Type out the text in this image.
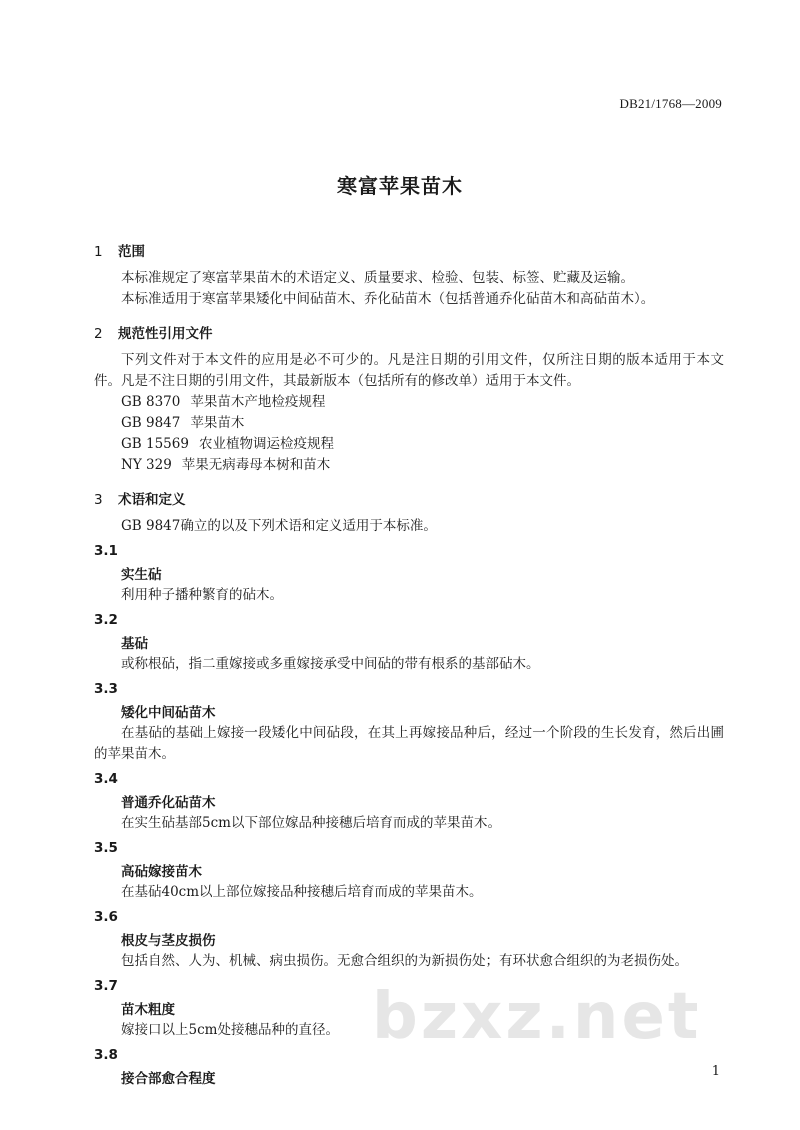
DB21/1768—2009
寒富苹果苗木
1 范围

本标准规定了寒富苹果苗木的术语定义、质量要求、检验、包装、标签、贮藏及运输。

本标准适用于寒富苹果矮化中间砧苗木、乔化砧苗木（包括普通乔化砧苗木和高砧苗木）。

2 规范性引用文件

下列文件对于本文件的应用是必不可少的。凡是注日期的引用文件，仅所注日期的版本适用于本文件。凡是不注日期的引用文件，其最新版本（包括所有的修改单）适用于本文件。

GB 8370 苹果苗木产地检疫规程
GB 9847 苹果苗木
GB 15569 农业植物调运检疫规程
NY 329 苹果无病毒母本树和苗木
3 术语和定义

GB 9847确立的以及下列术语和定义适用于本标准。

3.1
实生砧

利用种子播种繁育的砧木。

3.2
基砧

或称根砧，指二重嫁接或多重嫁接承受中间砧的带有根系的基部砧木。

3.3
矮化中间砧苗木

在基砧的基础上嫁接一段矮化中间砧段，在其上再嫁接品种后，经过一个阶段的生长发育，然后出圃的苹果苗木。

3.4
普通乔化砧苗木

在实生砧基部5cm以下部位嫁品种接穗后培育而成的苹果苗木。

3.5
高砧嫁接苗木

在基砧40cm以上部位嫁接品种接穗后培育而成的苹果苗木。

3.6
根皮与茎皮损伤

包括自然、人为、机械、病虫损伤。无愈合组织的为新损伤处；有环状愈合组织的为老损伤处。

3.7
苗木粗度

嫁接口以上5cm处接穗品种的直径。

3.8
接合部愈合程度
bzxz.net
1
